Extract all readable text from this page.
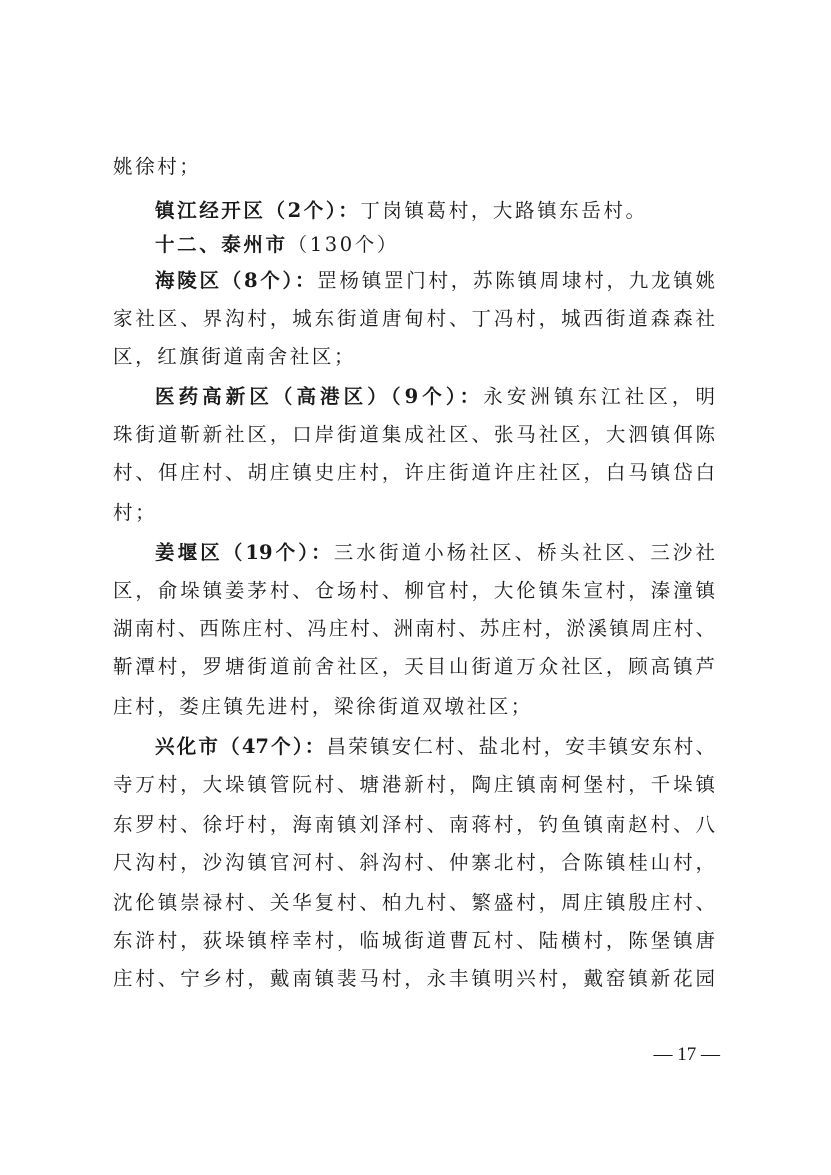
姚徐村；
镇江经开区（2个）：丁岗镇葛村，大路镇东岳村。
十二、泰州市（130个）
海陵区（8个）：罡杨镇罡门村，苏陈镇周埭村，九龙镇姚
家社区、界沟村，城东街道唐甸村、丁冯村，城西街道森森社
区，红旗街道南舍社区；
医药高新区（高港区）（9个）：永安洲镇东江社区，明
珠街道靳新社区，口岸街道集成社区、张马社区，大泗镇佴陈
村、佴庄村、胡庄镇史庄村，许庄街道许庄社区，白马镇岱白
村；
姜堰区（19个）：三水街道小杨社区、桥头社区、三沙社
区，俞垛镇姜茅村、仓场村、柳官村，大伦镇朱宣村，溱潼镇
湖南村、西陈庄村、冯庄村、洲南村、苏庄村，淤溪镇周庄村、
靳潭村，罗塘街道前舍社区，天目山街道万众社区，顾高镇芦
庄村，娄庄镇先进村，梁徐街道双墩社区；
兴化市（47个）：昌荣镇安仁村、盐北村，安丰镇安东村、
寺万村，大垛镇管阮村、塘港新村，陶庄镇南柯堡村，千垛镇
东罗村、徐圩村，海南镇刘泽村、南蒋村，钓鱼镇南赵村、八
尺沟村，沙沟镇官河村、斜沟村、仲寨北村，合陈镇桂山村，
沈伦镇崇禄村、关华复村、柏九村、繁盛村，周庄镇殷庄村、
东浒村，荻垛镇梓幸村，临城街道曹瓦村、陆横村，陈堡镇唐
庄村、宁乡村，戴南镇裴马村，永丰镇明兴村，戴窑镇新花园
— 17 —
